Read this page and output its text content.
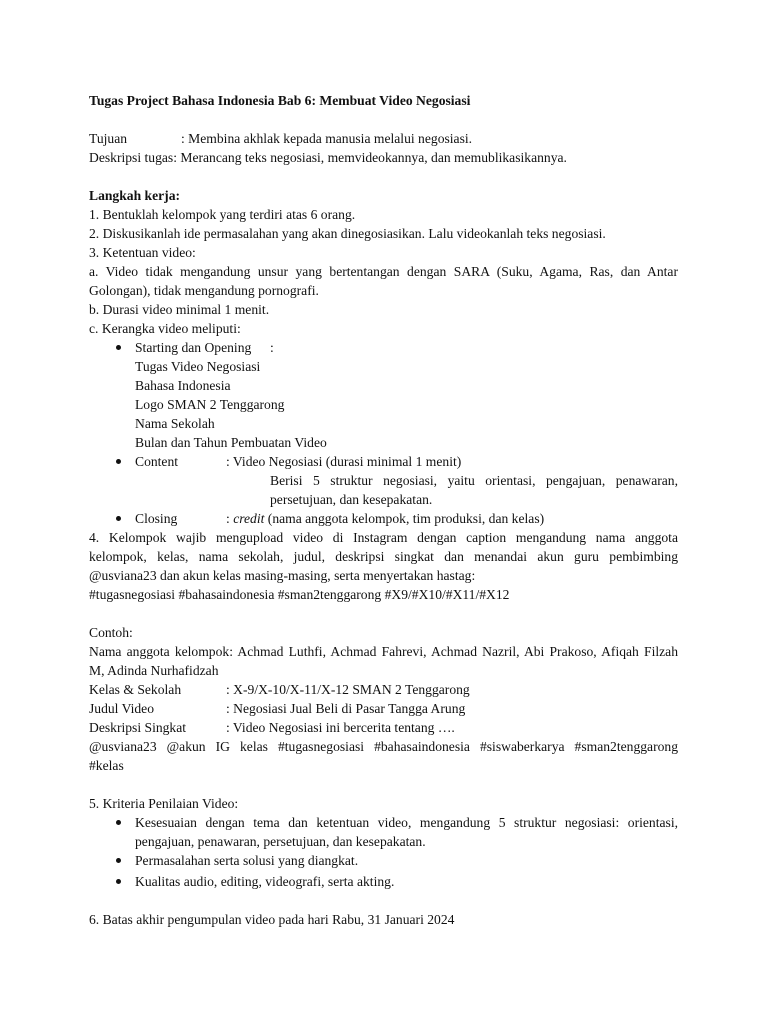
Tugas Project Bahasa Indonesia Bab 6: Membuat Video Negosiasi
Tujuan	: Membina akhlak kepada manusia melalui negosiasi.
Deskripsi tugas: Merancang teks negosiasi, memvideokannya, dan memublikasikannya.
Langkah kerja:
1. Bentuklah kelompok yang terdiri atas 6 orang.
2. Diskusikanlah ide permasalahan yang akan dinegosiasikan. Lalu videokanlah teks negosiasi.
3. Ketentuan video:
a. Video tidak mengandung unsur yang bertentangan dengan SARA (Suku, Agama, Ras, dan Antar
Golongan), tidak mengandung pornografi.
b. Durasi video minimal 1 menit.
c. Kerangka video meliputi:
Starting dan Opening :
Tugas Video Negosiasi
Bahasa Indonesia
Logo SMAN 2 Tenggarong
Nama Sekolah
Bulan dan Tahun Pembuatan Video
Content	: Video Negosiasi (durasi minimal 1 menit)
Berisi 5 struktur negosiasi, yaitu orientasi, pengajuan, penawaran,
persetujuan, dan kesepakatan.
Closing	: credit (nama anggota kelompok, tim produksi, dan kelas)
4. Kelompok wajib mengupload video di Instagram dengan caption mengandung nama anggota
kelompok, kelas, nama sekolah, judul, deskripsi singkat dan menandai akun guru pembimbing
@usviana23 dan akun kelas masing-masing, serta menyertakan hastag:
#tugasnegosiasi #bahasaindonesia #sman2tenggarong #X9/#X10/#X11/#X12
Contoh:
Nama anggota kelompok: Achmad Luthfi, Achmad Fahrevi, Achmad Nazril, Abi Prakoso, Afiqah Filzah
M, Adinda Nurhafidzah
Kelas & Sekolah	: X-9/X-10/X-11/X-12 SMAN 2 Tenggarong
Judul Video	: Negosiasi Jual Beli di Pasar Tangga Arung
Deskripsi Singkat	: Video Negosiasi ini bercerita tentang ….
@usviana23 @akun IG kelas #tugasnegosiasi #bahasaindonesia #siswaberkarya #sman2tenggarong
#kelas
5. Kriteria Penilaian Video:
Kesesuaian dengan tema dan ketentuan video, mengandung 5 struktur negosiasi: orientasi,
pengajuan, penawaran, persetujuan, dan kesepakatan.
Permasalahan serta solusi yang diangkat.
Kualitas audio, editing, videografi, serta akting.
6. Batas akhir pengumpulan video pada hari Rabu, 31 Januari 2024
